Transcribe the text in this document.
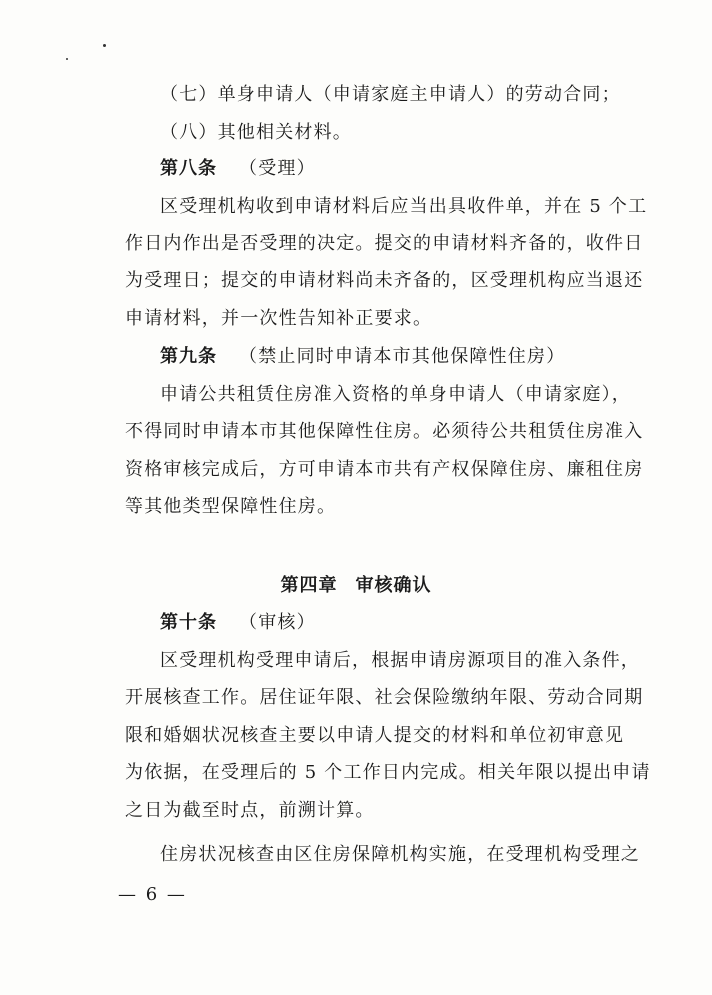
（七）单身申请人（申请家庭主申请人）的劳动合同；
（八）其他相关材料。
第八条 （受理）
区受理机构收到申请材料后应当出具收件单，并在 5 个工
作日内作出是否受理的决定。提交的申请材料齐备的，收件日
为受理日；提交的申请材料尚未齐备的，区受理机构应当退还
申请材料，并一次性告知补正要求。
第九条 （禁止同时申请本市其他保障性住房）
申请公共租赁住房准入资格的单身申请人（申请家庭），
不得同时申请本市其他保障性住房。必须待公共租赁住房准入
资格审核完成后，方可申请本市共有产权保障住房、廉租住房
等其他类型保障性住房。
第四章 审核确认
第十条 （审核）
区受理机构受理申请后，根据申请房源项目的准入条件，
开展核查工作。居住证年限、社会保险缴纳年限、劳动合同期
限和婚姻状况核查主要以申请人提交的材料和单位初审意见
为依据，在受理后的 5 个工作日内完成。相关年限以提出申请
之日为截至时点，前溯计算。
住房状况核查由区住房保障机构实施，在受理机构受理之
— 6 —
